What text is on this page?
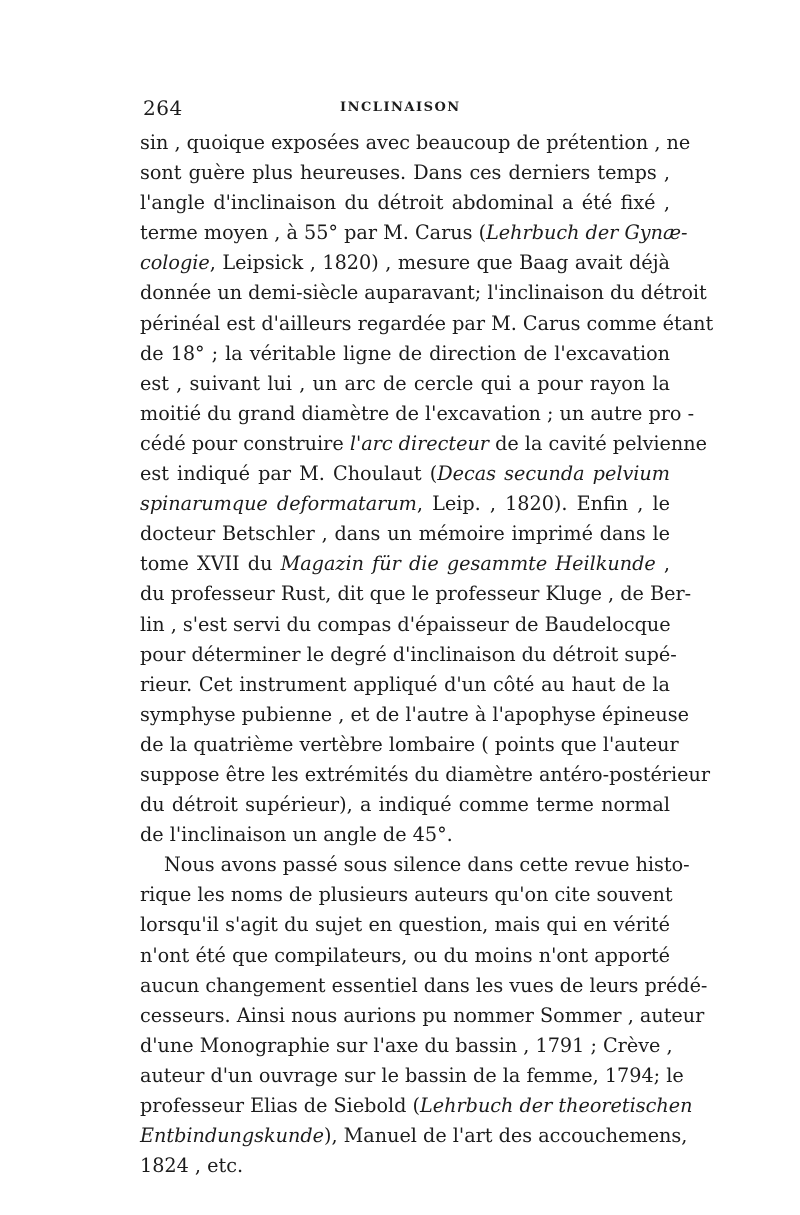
264	INCLINAISON
sin , quoique exposées avec beaucoup de prétention , ne
sont guère plus heureuses. Dans ces derniers temps ,
l'angle d'inclinaison du détroit abdominal a été fixé ,
terme moyen , à 55° par M. Carus (Lehrbuch der Gynæ-
cologie, Leipsick , 1820) , mesure que Baag avait déjà
donnée un demi-siècle auparavant; l'inclinaison du détroit
périnéal est d'ailleurs regardée par M. Carus comme étant
de 18° ; la véritable ligne de direction de l'excavation
est , suivant lui , un arc de cercle qui a pour rayon la
moitié du grand diamètre de l'excavation ; un autre pro -
cédé pour construire l'arc directeur de la cavité pelvienne
est indiqué par M. Choulaut (Decas secunda pelvium
spinarumque deformatarum, Leip. , 1820). Enfin , le
docteur Betschler , dans un mémoire imprimé dans le
tome XVII du Magazin für die gesammte Heilkunde ,
du professeur Rust, dit que le professeur Kluge , de Ber-
lin , s'est servi du compas d'épaisseur de Baudelocque
pour déterminer le degré d'inclinaison du détroit supé-
rieur. Cet instrument appliqué d'un côté au haut de la
symphyse pubienne , et de l'autre à l'apophyse épineuse
de la quatrième vertèbre lombaire ( points que l'auteur
suppose être les extrémités du diamètre antéro-postérieur
du détroit supérieur), a indiqué comme terme normal
de l'inclinaison un angle de 45°.
Nous avons passé sous silence dans cette revue histo-
rique les noms de plusieurs auteurs qu'on cite souvent
lorsqu'il s'agit du sujet en question, mais qui en vérité
n'ont été que compilateurs, ou du moins n'ont apporté
aucun changement essentiel dans les vues de leurs prédé-
cesseurs. Ainsi nous aurions pu nommer Sommer , auteur
d'une Monographie sur l'axe du bassin , 1791 ; Crève ,
auteur d'un ouvrage sur le bassin de la femme, 1794; le
professeur Elias de Siebold (Lehrbuch der theoretischen
Entbindungskunde), Manuel de l'art des accouchemens,
1824 , etc.
